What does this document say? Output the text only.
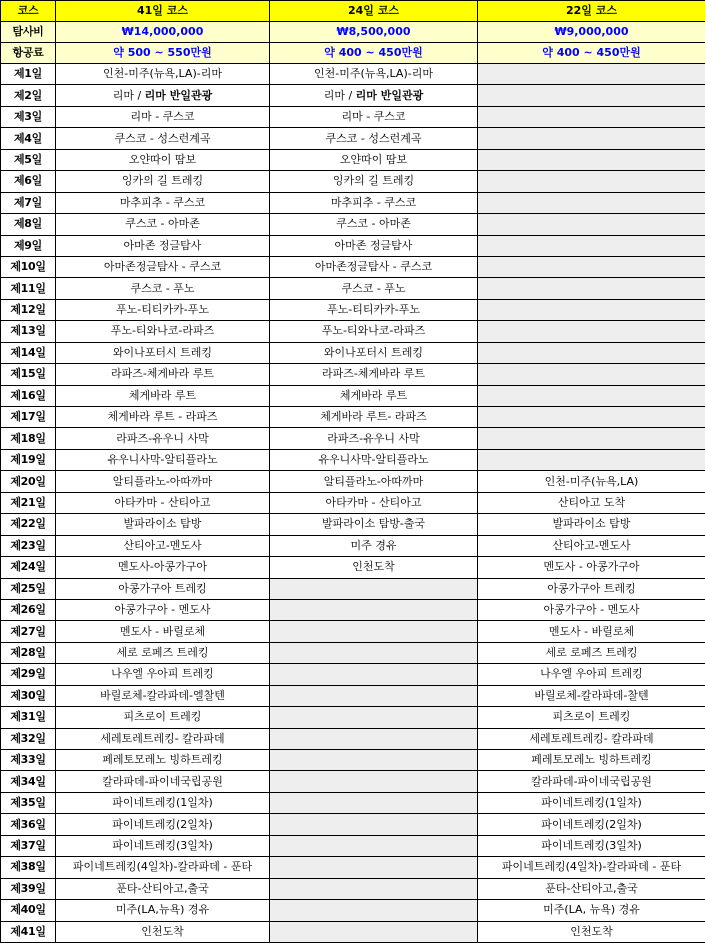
코스	41일 코스	24일 코스	22일 코스
탐사비	₩14,000,000	₩8,500,000	₩9,000,000
항공료	약 500 ~ 550만원	약 400 ~ 450만원	약 400 ~ 450만원
제1일	인천-미주(뉴욕,LA)-리마	인천-미주(뉴욕,LA)-리마	
제2일	리마 / 리마 반일관광	리마 / 리마 반일관광	
제3일	리마 - 쿠스코	리마 - 쿠스코	
제4일	쿠스코 - 성스런계곡	쿠스코 - 성스런계곡	
제5일	오얀따이 땀보	오얀따이 땀보	
제6일	잉카의 길 트레킹	잉카의 길 트레킹	
제7일	마추피추 - 쿠스코	마추피추 - 쿠스코	
제8일	쿠스코 - 아마존	쿠스코 - 아마존	
제9일	아마존 정글탐사	아마존 정글탐사	
제10일	아마존정글탐사 - 쿠스코	아마존정글탐사 - 쿠스코	
제11일	쿠스코 - 푸노	쿠스코 - 푸노	
제12일	푸노-티티카카-푸노	푸노-티티카카-푸노	
제13일	푸노-티와나코-라파즈	푸노-티와나코-라파즈	
제14일	와이나포터시 트레킹	와이나포터시 트레킹	
제15일	라파즈-체게바라 루트	라파즈-체게바라 루트	
제16일	체게바라 루트	체게바라 루트	
제17일	체게바라 루트 - 라파즈	체게바라 루트- 라파즈	
제18일	라파즈-유우니 사막	라파즈-유우니 사막	
제19일	유우니사막-알티플라노	유우니사막-알티플라노	
제20일	알티플라노-아따까마	알티플라노-아따까마	인천-미주(뉴욕,LA)
제21일	아타카마 - 산티아고	아타카마 - 산티아고	산티아고 도착
제22일	발파라이소 탐방	발파라이소 탐방-출국	발파라이소 탐방
제23일	산티아고-멘도사	미주 경유	산티아고-멘도사
제24일	멘도사-아콩가구아	인천도착	멘도사 - 아콩가구아
제25일	아콩가구아 트레킹		아콩가구아 트레킹
제26일	아콩가구아 - 멘도사		아콩가구아 - 멘도사
제27일	멘도사 - 바릴로체		멘도사 - 바릴로체
제28일	세로 로페즈 트레킹		세로 로페즈 트레킹
제29일	나우엘 우아피 트레킹		나우엘 우아피 트레킹
제30일	바릴로체-칼라파데-엘찰텐		바릴로체-칼라파데-찰텐
제31일	피츠로이 트레킹		피츠로이 트레킹
제32일	세레토레트레킹- 칼라파데		세레토레트레킹- 칼라파데
제33일	페레토모레노 빙하트레킹		페레토모레노 빙하트레킹
제34일	칼라파데-파이네국립공원		칼라파데-파이네국립공원
제35일	파이네트레킹(1일차)		파이네트레킹(1일차)
제36일	파이네트레킹(2일차)		파이네트레킹(2일차)
제37일	파이네트레킹(3일차)		파이네트레킹(3일차)
제38일	파이네트레킹(4일차)-칼라파데 - 푼타		파이네트레킹(4일차)-칼라파데 - 푼타
제39일	푼타-산티아고,출국		푼타-산티아고,출국
제40일	미주(LA,뉴욕) 경유		미주(LA, 뉴욕) 경유
제41일	인천도착		인천도착
